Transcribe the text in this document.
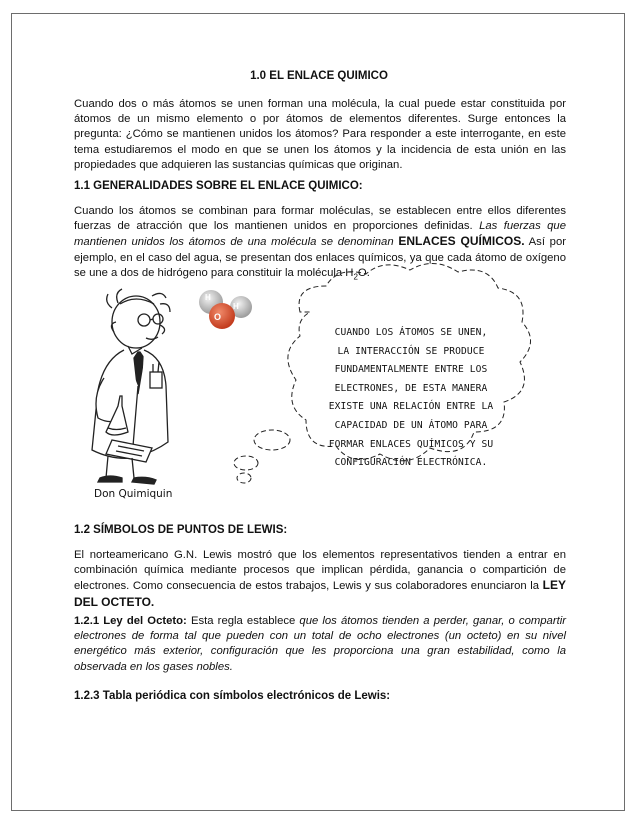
1.0 EL ENLACE QUIMICO

Cuando dos o más átomos se unen forman una molécula, la cual puede estar constituida por átomos de un mismo elemento o por átomos de elementos diferentes. Surge entonces la pregunta: ¿Cómo se mantienen unidos los átomos? Para responder a este interrogante, en este tema estudiaremos el modo en que se unen los átomos y la incidencia de esta unión en las propiedades que adquieren las sustancias químicas que originan.

1.1 GENERALIDADES SOBRE EL ENLACE QUIMICO:

Cuando los átomos se combinan para formar moléculas, se establecen entre ellos diferentes fuerzas de atracción que los mantienen unidos en proporciones definidas. Las fuerzas que mantienen unidos los átomos de una molécula se denominan ENLACES QUÍMICOS. Así por ejemplo, en el caso del agua, se presentan dos enlaces químicos, ya que cada átomo de oxígeno se une a dos de hidrógeno para constituir la molécula $H_2O$.

H
H
O
CUANDO LOS ÁTOMOS SE UNEN,
LA INTERACCIÓN SE PRODUCE
FUNDAMENTALMENTE ENTRE LOS
ELECTRONES, DE ESTA MANERA
EXISTE UNA RELACIÓN ENTRE LA
CAPACIDAD DE UN ÁTOMO PARA
FORMAR ENLACES QUÍMICOS Y SU
CONFIGURACIÓN ELECTRÓNICA.
Don Quimiquin

1.2 SÍMBOLOS DE PUNTOS DE LEWIS:

El norteamericano G.N. Lewis mostró que los elementos representativos tienden a entrar en combinación química mediante procesos que implican pérdida, ganancia o compartición de electrones. Como consecuencia de estos trabajos, Lewis y sus colaboradores enunciaron la LEY DEL OCTETO.

1.2.1 Ley del Octeto: Esta regla establece que los átomos tienden a perder, ganar, o compartir electrones de forma tal que pueden con un total de ocho electrones (un octeto) en su nivel energético más exterior, configuración que les proporciona una gran estabilidad, como la observada en los gases nobles.

1.2.3 Tabla periódica con símbolos electrónicos de Lewis:
